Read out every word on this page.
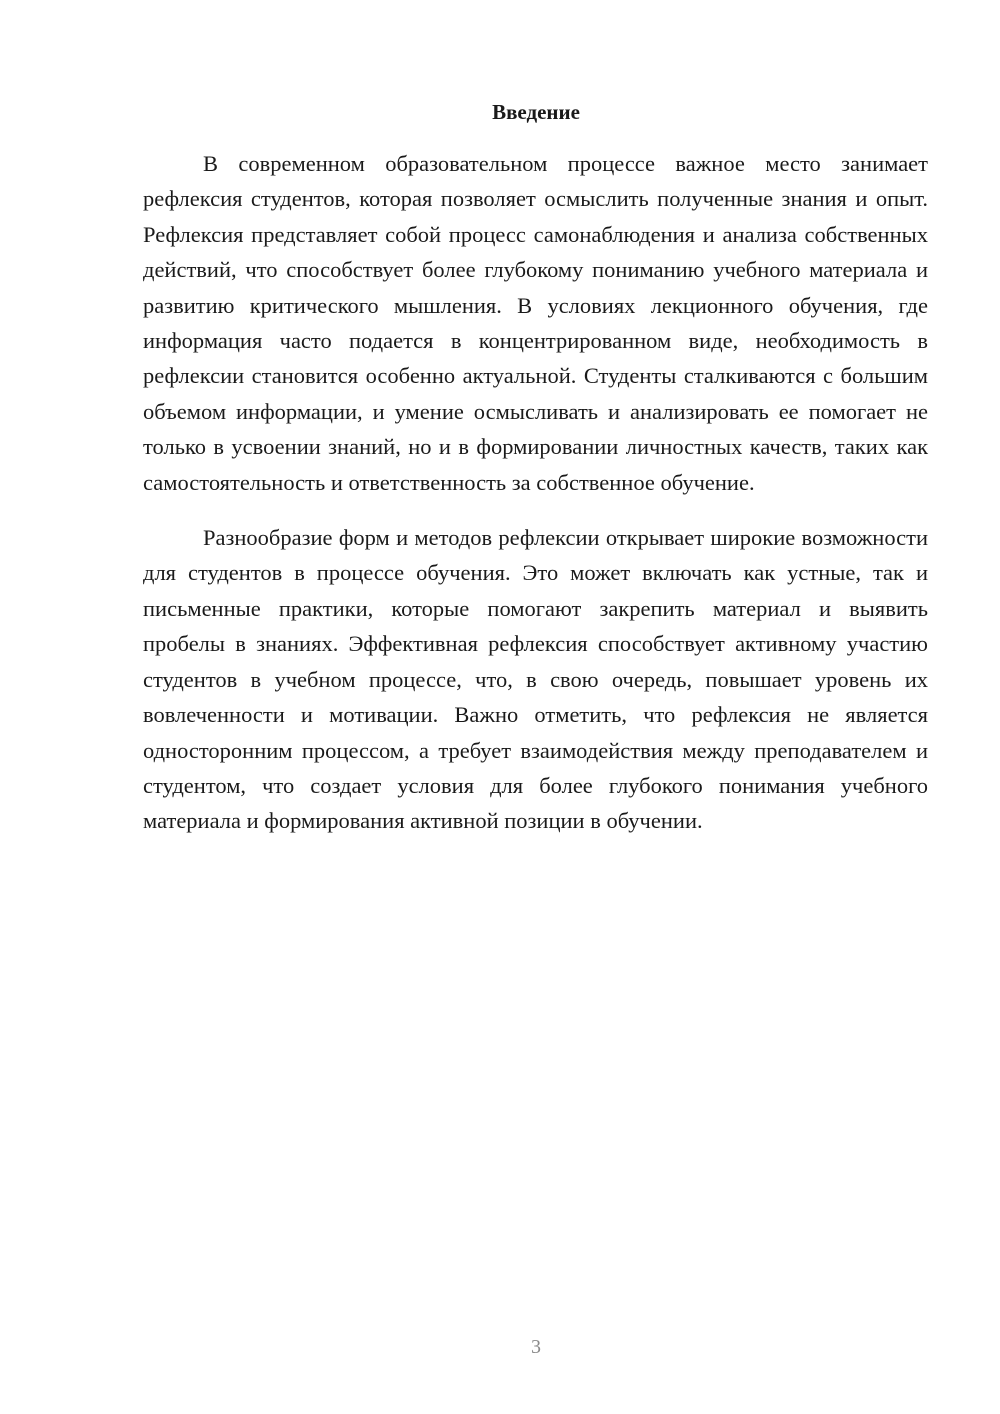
Введение

В современном образовательном процессе важное место занимает рефлексия студентов, которая позволяет осмыслить полученные знания и опыт. Рефлексия представляет собой процесс самонаблюдения и анализа собственных действий, что способствует более глубокому пониманию учебного материала и развитию критического мышления. В условиях лекционного обучения, где информация часто подается в концентрированном виде, необходимость в рефлексии становится особенно актуальной. Студенты сталкиваются с большим объемом информации, и умение осмысливать и анализировать ее помогает не только в усвоении знаний, но и в формировании личностных качеств, таких как самостоятельность и ответственность за собственное обучение.

Разнообразие форм и методов рефлексии открывает широкие возможности для студентов в процессе обучения. Это может включать как устные, так и письменные практики, которые помогают закрепить материал и выявить пробелы в знаниях. Эффективная рефлексия способствует активному участию студентов в учебном процессе, что, в свою очередь, повышает уровень их вовлеченности и мотивации. Важно отметить, что рефлексия не является односторонним процессом, а требует взаимодействия между преподавателем и студентом, что создает условия для более глубокого понимания учебного материала и формирования активной позиции в обучении.

3
